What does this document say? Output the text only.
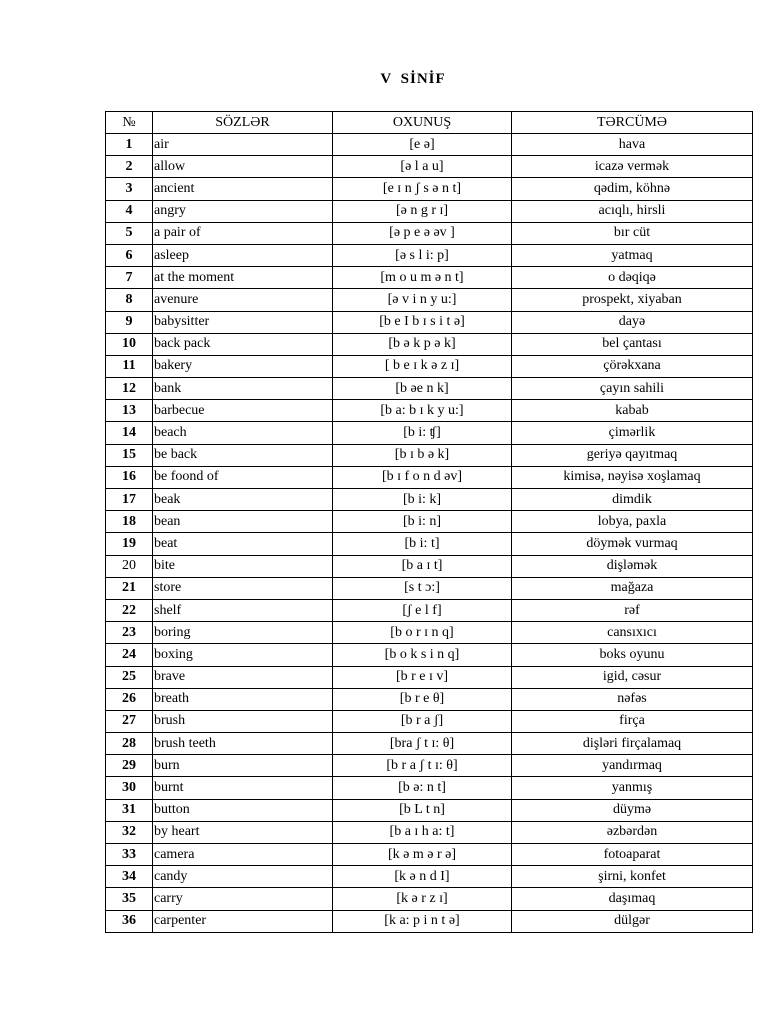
V SİNİF
№	SÖZLƏR	OXUNUŞ	TƏRCÜMƏ
1	air	[e ə]	hava
2	allow	[ə l a u]	icazə vermək
3	ancient	[e ɪ n ʃ s ə n t]	qədim, köhnə
4	angry	[ə n g r ɪ]	acıqlı, hirsli
5	a pair of	[ə p e ə əv ]	bır cüt
6	asleep	[ə s l i: p]	yatmaq
7	at the moment	[m o u m ə n t]	o dəqiqə
8	avenure	[ə v i n y u:]	prospekt, xiyaban
9	babysitter	[b e I b ɪ s i t ə]	dayə
10	back pack	[b ə k p ə k]	bel çantası
11	bakery	[ b e ɪ k ə z ɪ]	çörəkxana
12	bank	[b əe n k]	çayın sahili
13	barbecue	[b a: b ɪ k y u:]	kabab
14	beach	[b i: ʧ]	çimərlik
15	be back	[b ɪ b ə k]	geriyə qayıtmaq
16	be foond of	[b ɪ f o n d əv]	kimisə, nəyisə xoşlamaq
17	beak	[b i: k]	dimdik
18	bean	[b i: n]	lobya, paxla
19	beat	[b i: t]	döymək vurmaq
20	bite	[b a ɪ t]	dişləmək
21	store	[s t ɔ:]	mağaza
22	shelf	[ʃ e l f]	rəf
23	boring	[b o r ɪ n q]	cansıxıcı
24	boxing	[b o k s i n q]	boks oyunu
25	brave	[b r e ɪ v]	igid, cəsur
26	breath	[b r e θ]	nəfəs
27	brush	[b r a ʃ]	firça
28	brush teeth	[bra ʃ t ɪ: θ]	dişləri firçalamaq
29	burn	[b r a ʃ t ɪ: θ]	yandırmaq
30	burnt	[b ə: n t]	yanmış
31	button	[b L t n]	düymə
32	by heart	[b a ɪ h a: t]	əzbərdən
33	camera	[k ə m ə r ə]	fotoaparat
34	candy	[k ə n d I]	şirni, konfet
35	carry	[k ə r z ɪ]	daşımaq
36	carpenter	[k a: p i n t ə]	dülgər
